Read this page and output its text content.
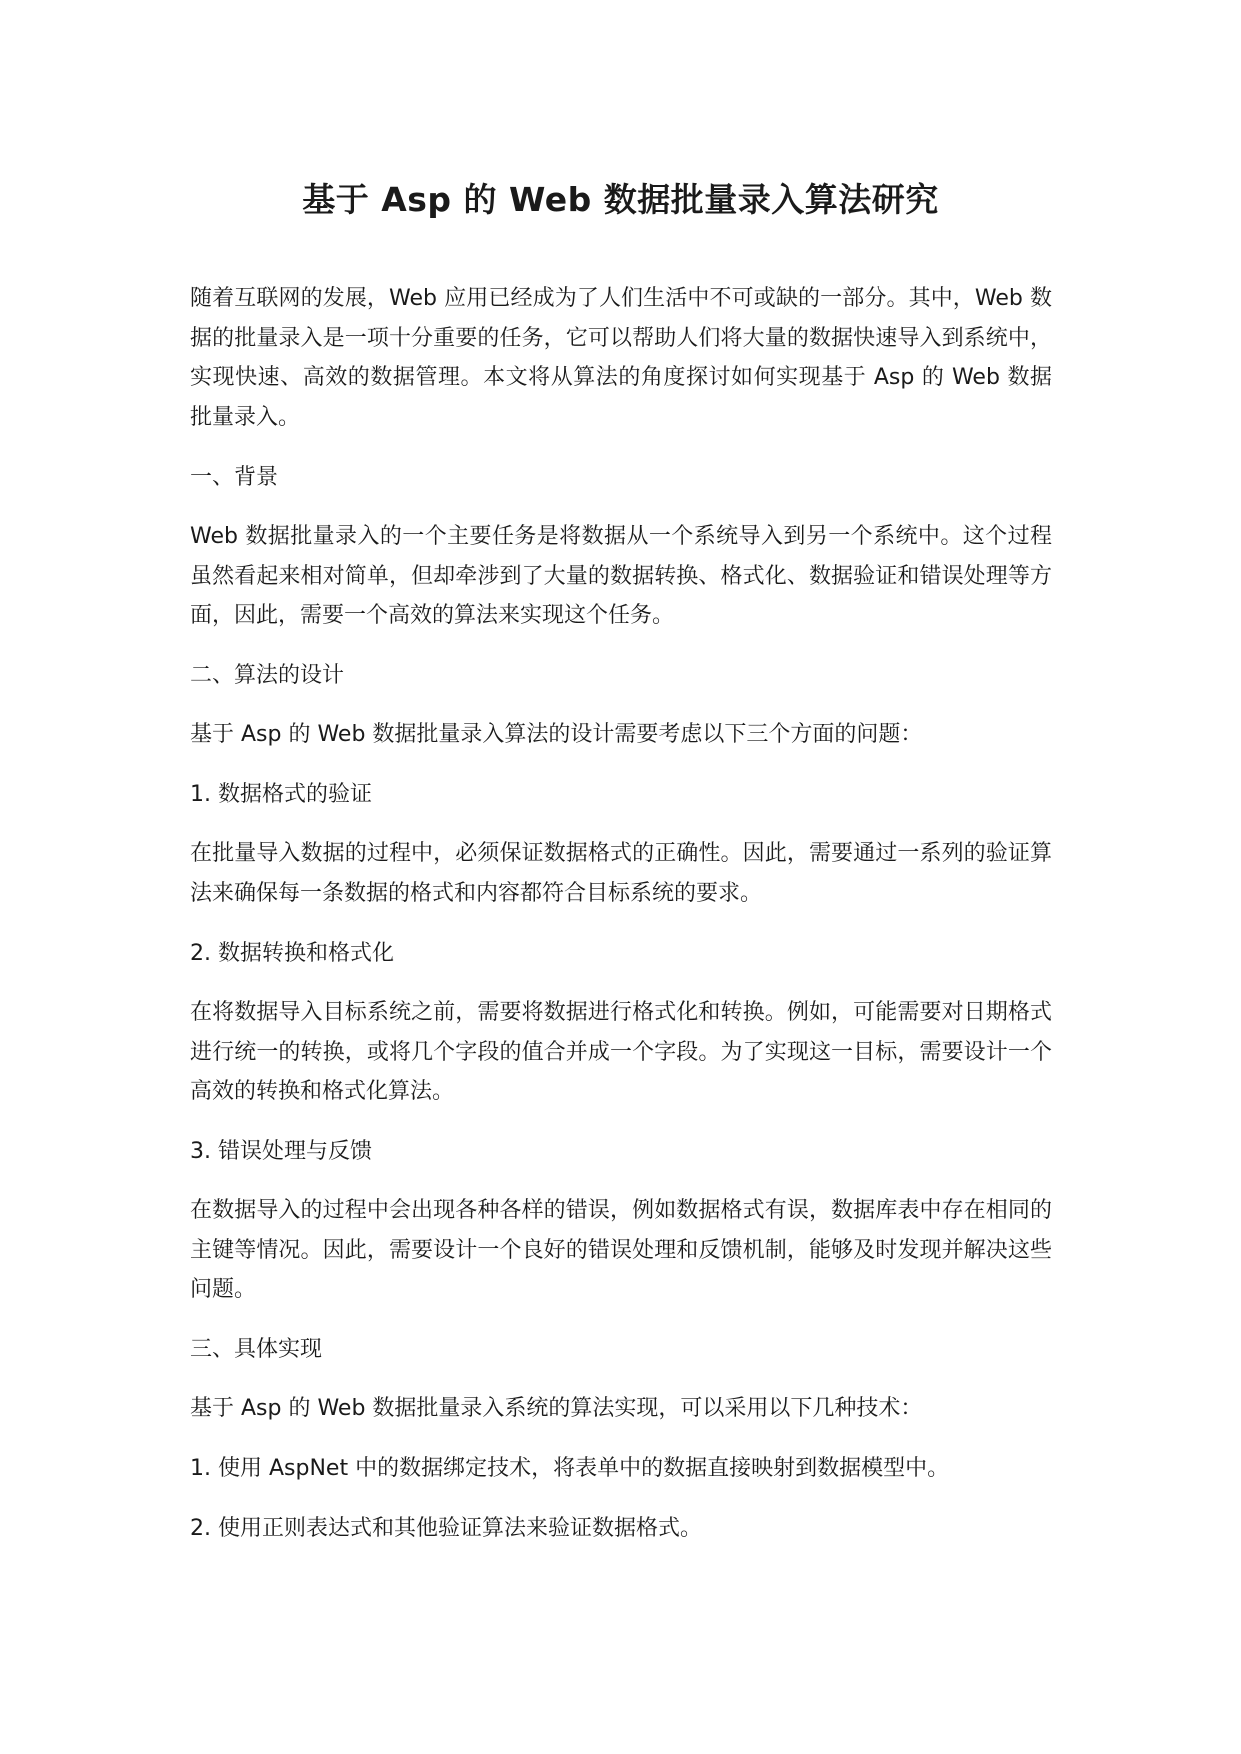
基于 Asp 的 Web 数据批量录入算法研究

随着互联网的发展，Web 应用已经成为了人们生活中不可或缺的一部分。其中，Web 数据的批量录入是一项十分重要的任务，它可以帮助人们将大量的数据快速导入到系统中，实现快速、高效的数据管理。本文将从算法的角度探讨如何实现基于 Asp 的 Web 数据批量录入。

一、背景

Web 数据批量录入的一个主要任务是将数据从一个系统导入到另一个系统中。这个过程虽然看起来相对简单，但却牵涉到了大量的数据转换、格式化、数据验证和错误处理等方面，因此，需要一个高效的算法来实现这个任务。

二、算法的设计

基于 Asp 的 Web 数据批量录入算法的设计需要考虑以下三个方面的问题：

1. 数据格式的验证

在批量导入数据的过程中，必须保证数据格式的正确性。因此，需要通过一系列的验证算法来确保每一条数据的格式和内容都符合目标系统的要求。

2. 数据转换和格式化

在将数据导入目标系统之前，需要将数据进行格式化和转换。例如，可能需要对日期格式进行统一的转换，或将几个字段的值合并成一个字段。为了实现这一目标，需要设计一个高效的转换和格式化算法。

3. 错误处理与反馈

在数据导入的过程中会出现各种各样的错误，例如数据格式有误，数据库表中存在相同的主键等情况。因此，需要设计一个良好的错误处理和反馈机制，能够及时发现并解决这些问题。

三、具体实现

基于 Asp 的 Web 数据批量录入系统的算法实现，可以采用以下几种技术：

1. 使用 AspNet 中的数据绑定技术，将表单中的数据直接映射到数据模型中。

2. 使用正则表达式和其他验证算法来验证数据格式。
